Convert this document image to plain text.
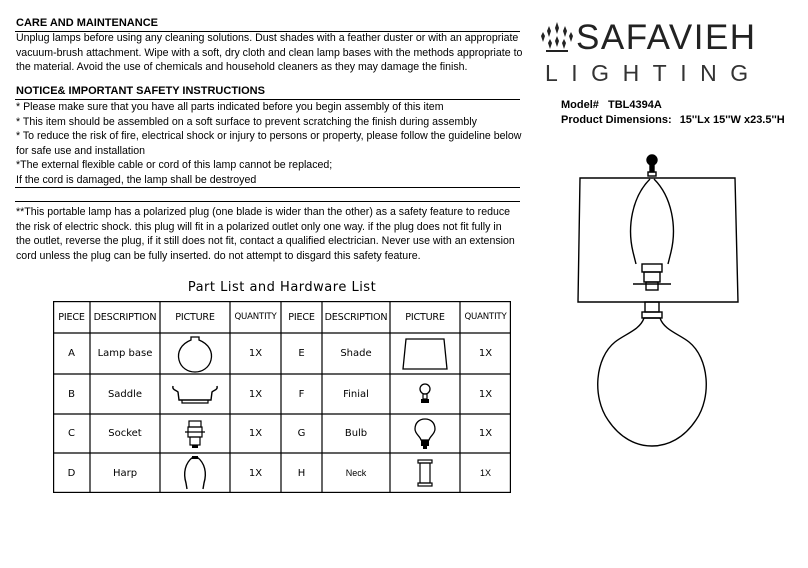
CARE AND MAINTENANCE
Unplug lamps before using any cleaning solutions. Dust shades with a feather duster or with an appropriate
vacuum-brush attachment. Wipe with a soft, dry cloth and clean lamp bases with the methods appropriate to
the material. Avoid the use of chemicals and household cleaners as they may damage the finish.
NOTICE& IMPORTANT SAFETY INSTRUCTIONS
* Please make sure that you have all parts indicated before you begin assembly of this item
* This item should be assembled on a soft surface to prevent scratching the finish during assembly
* To reduce the risk of fire, electrical shock or injury to persons or property, please follow the guideline below
for safe use and installation
*The external flexible cable or cord of this lamp cannot be replaced;
If the cord is damaged, the lamp shall be destroyed
**This portable lamp has a polarized plug (one blade is wider than the other) as a safety feature to reduce
the risk of electric shock. this plug will fit in a polarized outlet only one way. if the plug does not fit fully in
the outlet, reverse the plug, if it still does not fit, contact a qualified electrician. Never use with an extension
cord unless the plug can be fully inserted. do not attempt to disgard this safety feature.
SAFAVIEH
LIGHTING
Model# TBL4394A
Product Dimensions: 15''Lx 15''W x23.5''H
Part List and Hardware List
PIECE DESCRIPTION	PICTURE	QUANTITY	PIECE	DESCRIPTION	PICTURE	QUANTITY
A	Lamp base	1X	E	Shade	1X
B	Saddle	1X	F	Finial	1X
C	Socket	1X	G	Bulb	1X
D	Harp	1X	H	Neck	1X
